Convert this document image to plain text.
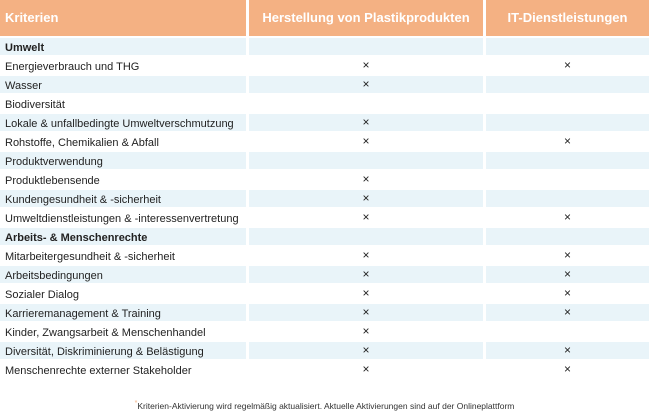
Kriterien	Herstellung von Plastikprodukten	IT-Dienstleistungen
Umwelt		
Energieverbrauch und THG	×	×
Wasser	×	
Biodiversität		
Lokale & unfallbedingte Umweltverschmutzung	×	
Rohstoffe, Chemikalien & Abfall	×	×
Produktverwendung		
Produktlebensende	×	
Kundengesundheit & -sicherheit	×	
Umweltdienstleistungen & -interessenvertretung	×	×
Arbeits- & Menschenrechte		
Mitarbeitergesundheit & -sicherheit	×	×
Arbeitsbedingungen	×	×
Sozialer Dialog	×	×
Karrieremanagement & Training	×	×
Kinder, Zwangsarbeit & Menschenhandel	×	
Diversität, Diskriminierung & Belästigung	×	×
Menschenrechte externer Stakeholder	×	×
*Kriterien-Aktivierung wird regelmäßig aktualisiert. Aktuelle Aktivierungen sind auf der Onlineplattform
